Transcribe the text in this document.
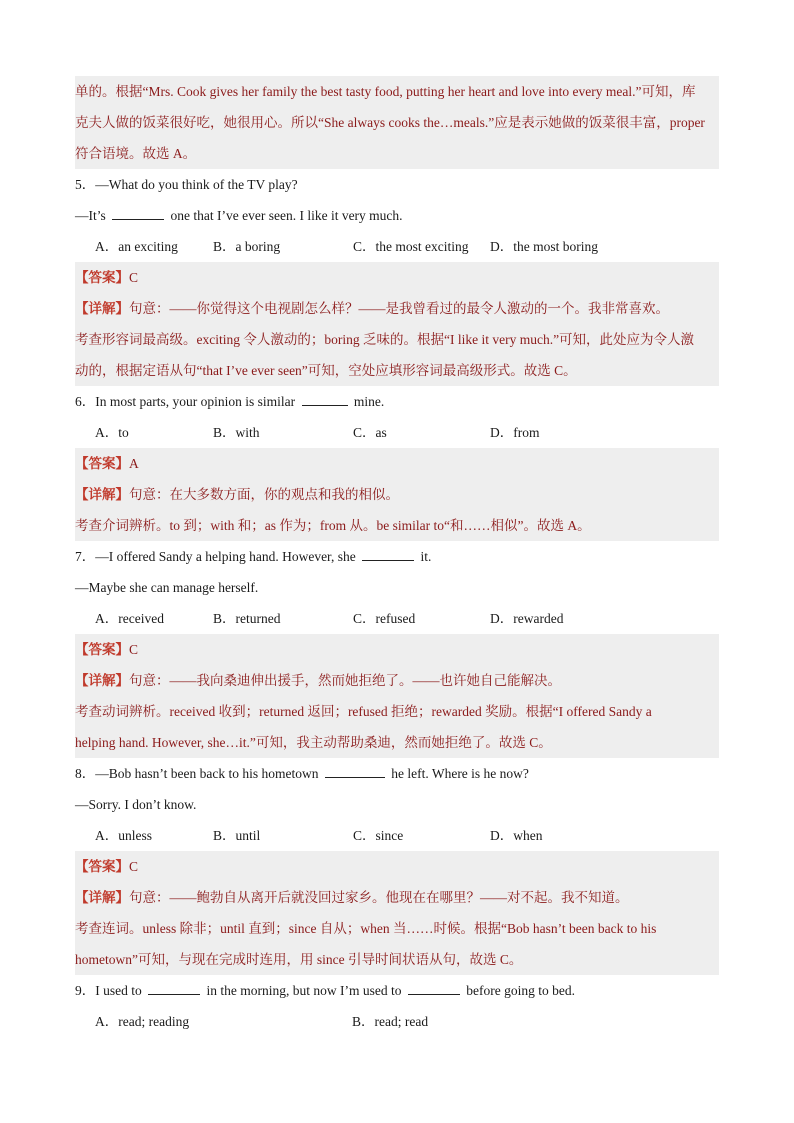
单的。根据“Mrs. Cook gives her family the best tasty food, putting her heart and love into every meal.”可知，库
克夫人做的饭菜很好吃，她很用心。所以“She always cooks the…meals.”应是表示她做的饭菜很丰富，proper
符合语境。故选 A。
5．—What do you think of the TV play?
—It’s	one that I’ve ever seen. I like it very much.
A．an exciting	B．a boring	C．the most exciting	D．the most boring
【答案】C
【详解】句意：——你觉得这个电视剧怎么样？——是我曾看过的最令人激动的一个。我非常喜欢。
考查形容词最高级。exciting 令人激动的；boring 乏味的。根据“I like it very much.”可知，此处应为令人激
动的，根据定语从句“that I’ve ever seen”可知，空处应填形容词最高级形式。故选 C。
6．In most parts, your opinion is similar	mine.
A．to	B．with	C．as	D．from
【答案】A
【详解】句意：在大多数方面，你的观点和我的相似。
考查介词辨析。to 到；with 和；as 作为；from 从。be similar to“和……相似”。故选 A。
7．—I offered Sandy a helping hand. However, she	it.
—Maybe she can manage herself.
A．received	B．returned	C．refused	D．rewarded
【答案】C
【详解】句意：——我向桑迪伸出援手，然而她拒绝了。——也许她自己能解决。
考查动词辨析。received 收到；returned 返回；refused 拒绝；rewarded 奖励。根据“I offered Sandy a
helping hand. However, she…it.”可知，我主动帮助桑迪，然而她拒绝了。故选 C。
8．—Bob hasn’t been back to his hometown	he left. Where is he now?
—Sorry. I don’t know.
A．unless	B．until	C．since	D．when
【答案】C
【详解】句意：——鲍勃自从离开后就没回过家乡。他现在在哪里？——对不起。我不知道。
考查连词。unless 除非；until 直到；since 自从；when 当……时候。根据“Bob hasn’t been back to his
hometown”可知，与现在完成时连用，用 since 引导时间状语从句，故选 C。
9．I used to	in the morning, but now I’m used to	before going to bed.
A．read; reading	B．read; read
